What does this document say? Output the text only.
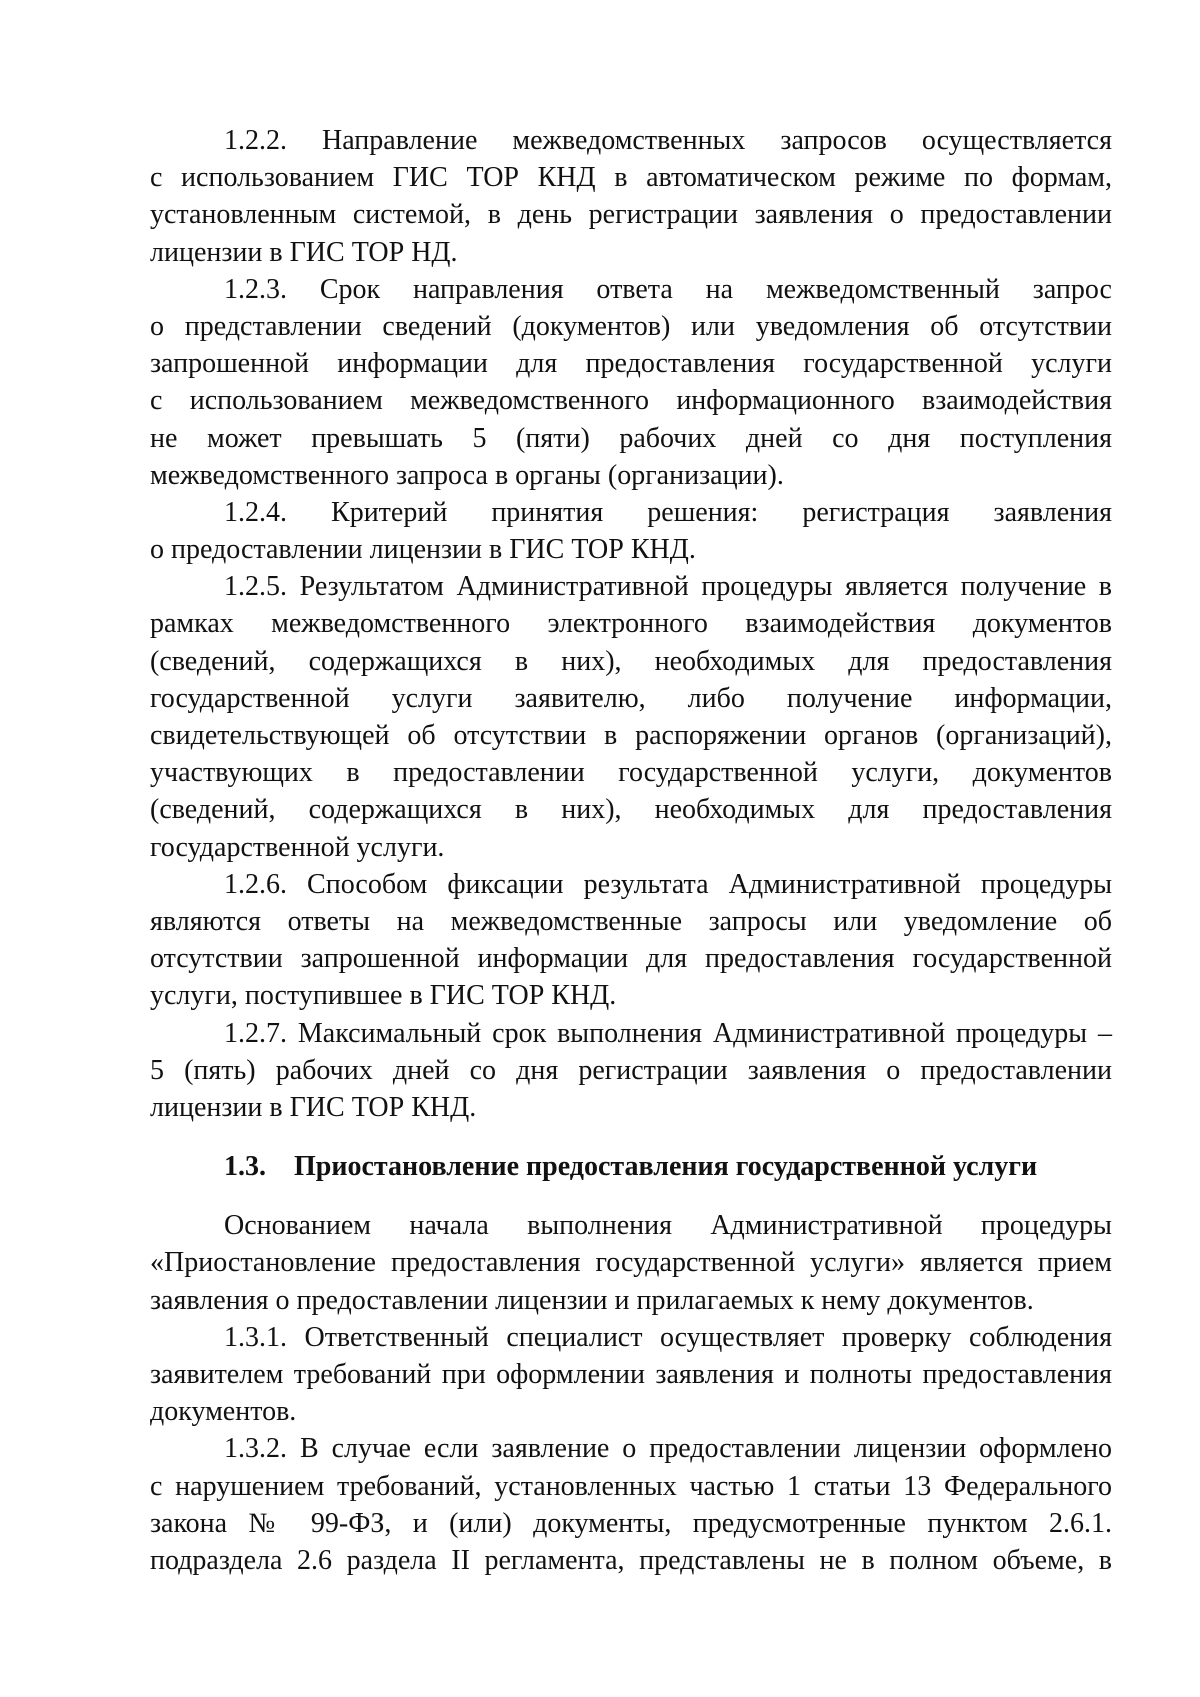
1.2.2. Направление межведомственных запросов осуществляется
с использованием ГИС ТОР КНД в автоматическом режиме по формам,
установленным системой, в день регистрации заявления о предоставлении
лицензии в ГИС ТОР НД.
1.2.3. Срок направления ответа на межведомственный запрос
о представлении сведений (документов) или уведомления об отсутствии
запрошенной информации для предоставления государственной услуги
с использованием межведомственного информационного взаимодействия
не может превышать 5 (пяти) рабочих дней со дня поступления
межведомственного запроса в органы (организации).
1.2.4. Критерий принятия решения: регистрация заявления
о предоставлении лицензии в ГИС ТОР КНД.
1.2.5. Результатом Административной процедуры является получение в
рамках межведомственного электронного взаимодействия документов
(сведений, содержащихся в них), необходимых для предоставления
государственной услуги заявителю, либо получение информации,
свидетельствующей об отсутствии в распоряжении органов (организаций),
участвующих в предоставлении государственной услуги, документов
(сведений, содержащихся в них), необходимых для предоставления
государственной услуги.
1.2.6. Способом фиксации результата Административной процедуры
являются ответы на межведомственные запросы или уведомление об
отсутствии запрошенной информации для предоставления государственной
услуги, поступившее в ГИС ТОР КНД.
1.2.7. Максимальный срок выполнения Административной процедуры –
5 (пять) рабочих дней со дня регистрации заявления о предоставлении
лицензии в ГИС ТОР КНД.
1.3. Приостановление предоставления государственной услуги
Основанием начала выполнения Административной процедуры
«Приостановление предоставления государственной услуги» является прием
заявления о предоставлении лицензии и прилагаемых к нему документов.
1.3.1. Ответственный специалист осуществляет проверку соблюдения
заявителем требований при оформлении заявления и полноты предоставления
документов.
1.3.2. В случае если заявление о предоставлении лицензии оформлено
с нарушением требований, установленных частью 1 статьи 13 Федерального
закона № 99-ФЗ, и (или) документы, предусмотренные пунктом 2.6.1.
подраздела 2.6 раздела II регламента, представлены не в полном объеме, в
